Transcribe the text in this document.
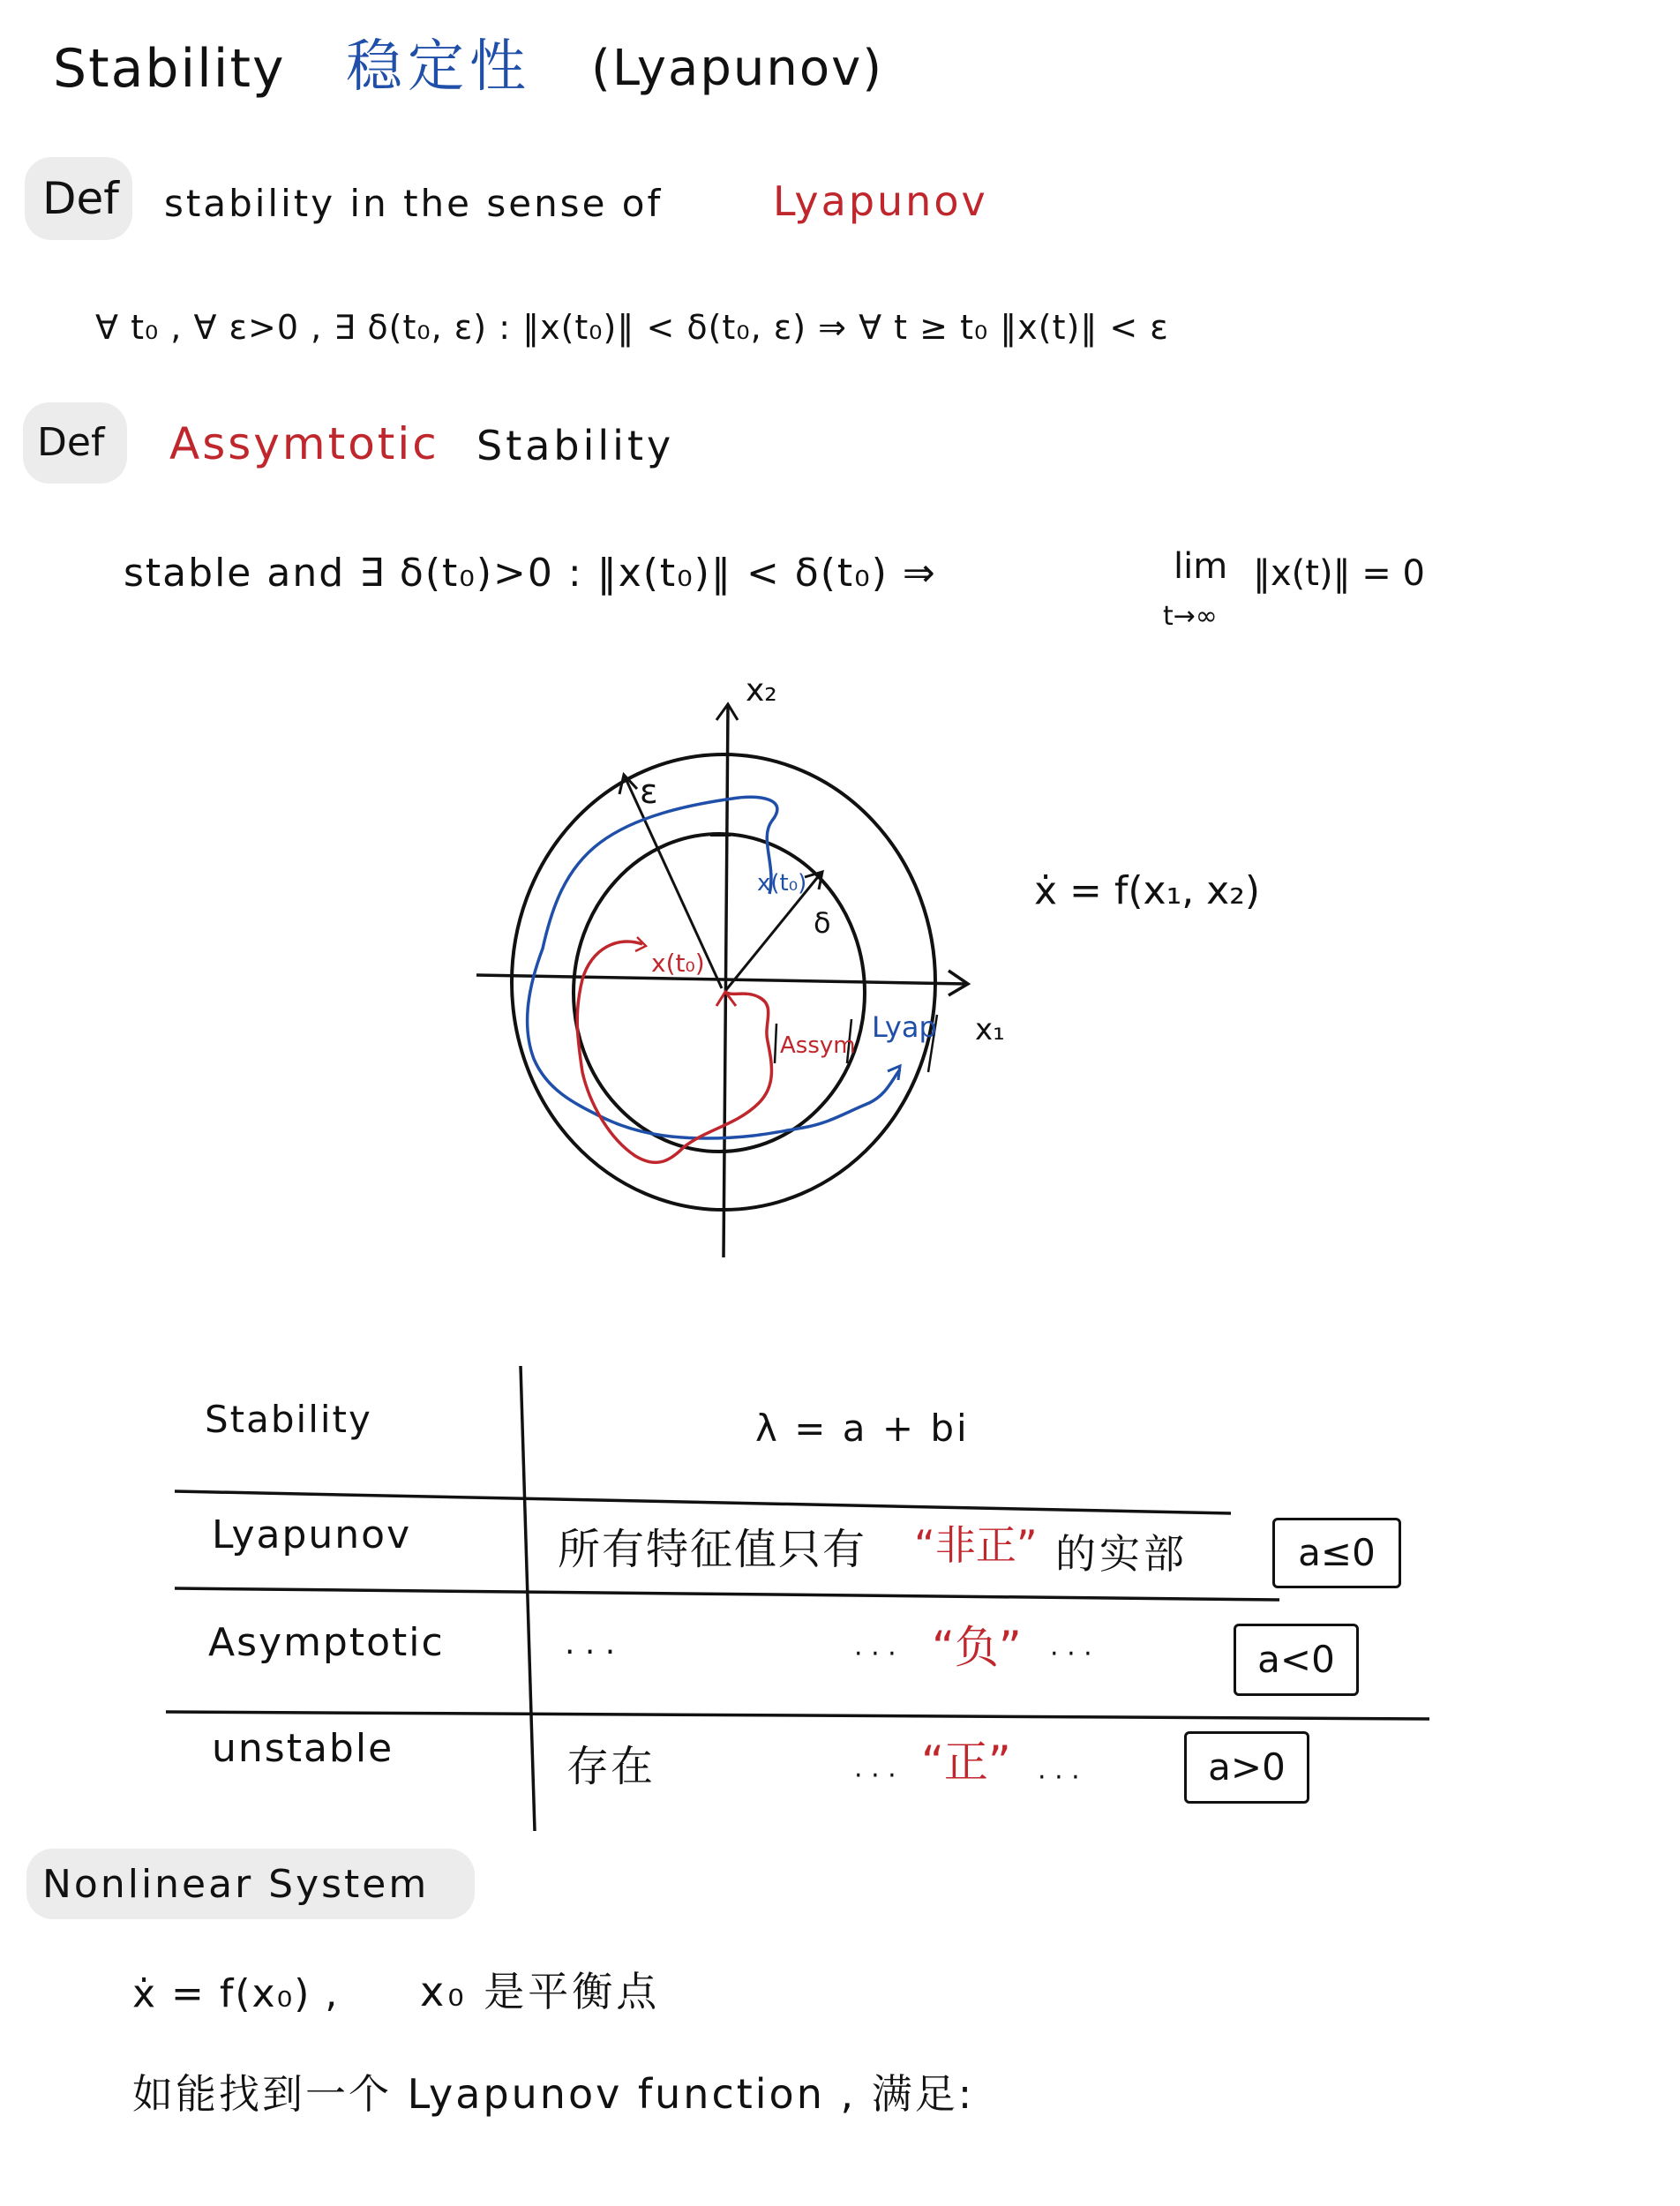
Stability 稳定性 (Lyapunov)
Def stability in the sense of	Lyapunov
∀ t₀ , ∀ ε>0 , ∃ δ(t₀, ε) : ‖x(t₀)‖ < δ(t₀, ε) ⇒ ∀ t ≥ t₀ ‖x(t)‖ < ε
Def Assymtotic Stability
stable and ∃ δ(t₀)>0 : ‖x(t₀)‖ < δ(t₀) ⇒	lim
t→∞
‖x(t)‖ = 0
x₂
x₁
ε
δ
x(t₀)
x(t₀)
Assym
Lyap
ẋ = f(x₁, x₂)
Stability	λ = a + bi
Lyapunov	所有特征值只有 “非正” 的实部	a≤0
Asymptotic	· · ·	· · · “负” · · ·	a<0
unstable	存在	· · · “正” · · ·	a>0
Nonlinear System
ẋ = f(x₀) , x₀ 是平衡点
如能找到一个 Lyapunov function , 满足:
